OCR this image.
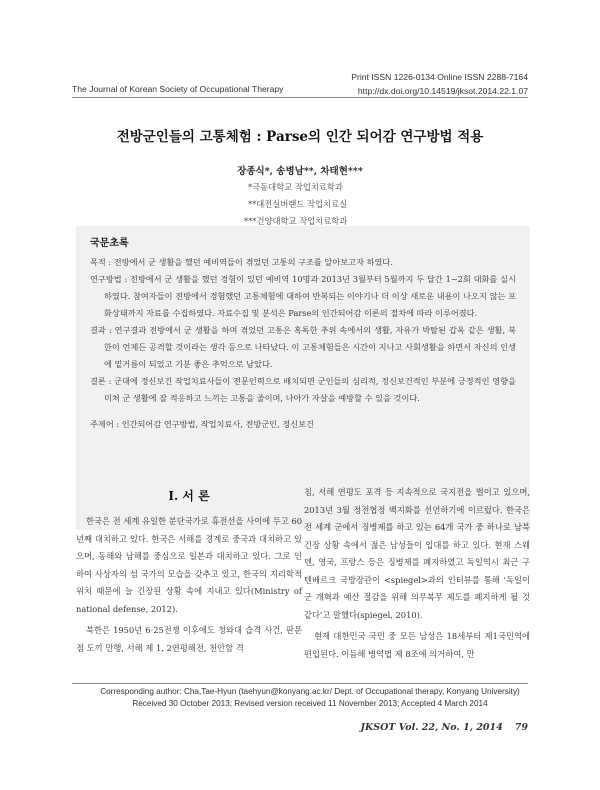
The Journal of Korean Society of Occupational Therapy
Print ISSN 1226-0134 Online ISSN 2288-7164
http://dx.doi.org/10.14519/jksot.2014.22.1.07
전방군인들의 고통체험 : Parse의 인간 되어감 연구방법 적용
장종식*, 송병남**, 차태현***
*극동대학교 작업치료학과
**대전실버랜드 작업치료실
***건양대학교 작업치료학과
국문초록
목적 : 전방에서 군 생활을 했던 예비역들이 겪었던 고통의 구조를 알아보고자 하였다.
연구방법 : 전방에서 군 생활을 했던 경험이 있던 예비역 10명과 2013년 3월부터 5월까지 두 달간 1~2회 대화를 실시하였다. 참여자들이 전방에서 경험했던 고통체험에 대하여 반복되는 이야기나 더 이상 새로운 내용이 나오지 않는 포화상태까지 자료를 수집하였다. 자료수집 및 분석은 Parse의 인간되어감 이론의 절차에 따라 이루어졌다.
결과 : 연구결과 전방에서 군 생활을 하며 겪었던 고통은 혹독한 추위 속에서의 생활, 자유가 박탈된 갑옥 같은 생활, 북한이 언제든 공격할 것이라는 생각 등으로 나타났다. 이 고통체험들은 시간이 지나고 사회생활을 하면서 자신의 인생에 밑거름이 되었고 기분 좋은 추억으로 남았다.
결론 : 군대에 정신보건 작업치료사들이 전문인력으로 배치되면 군인들의 심리적, 정신보건적인 부분에 긍정적인 영향을 미쳐 군 생활에 잘 적응하고 느끼는 고통을 줄이며, 나아가 자살을 예방할 수 있을 것이다.
주제어 : 인간되어감 연구방법, 작업치료사, 전방군인, 정신보건
I. 서 론

한국은 전 세계 유일한 분단국가로 휴전선을 사이에 두고 60년째 대치하고 있다. 한국은 서해를 경계로 중국과 대치하고 있으며, 동해와 남해를 중심으로 일본과 대치하고 있다. 그로 인하여 사상자의 섬 국가의 모습을 갖추고 있고, 한국의 지리학적 위치 때문에 늘 긴장된 상황 속에 지내고 있다(Ministry of national defense, 2012).

북한은 1950년 6·25전쟁 이후에도 청와대 습격 사건, 판문점 도끼 만행, 서해 제 1, 2연평해전, 천안함 격

침, 서해 연평도 포격 등 지속적으로 국지전을 벌이고 있으며, 2013년 3월 정전협정 백지화를 선언하기에 이르렀다. 한국은 전 세계 군에서 징병제를 하고 있는 64개 국가 중 하나로 남북 긴장 상황 속에서 젊은 남성들이 입대를 하고 있다. 현재 스웨덴, 영국, 프랑스 등은 징병제를 폐지하였고 독일역시 최근 구텐베르크 국방장관이 <spiegel>과의 인터뷰를 통해 '독일이 군 개혁과 예산 절감을 위해 의무복무 제도를 폐지하게 될 것 같다'고 말했다(spiegel, 2010).

현재 대한민국 국민 중 모든 남성은 18세부터 제1국민역에 편입된다. 이듬해 병역법 제 8조에 의거하여, 만

Corresponding author: Cha,Tae-Hyun (taehyun@konyang.ac.kr/ Dept. of Occupational therapy, Konyang University)
Received 30 October 2013; Revised version received 11 November 2013; Accepted 4 March 2014
JKSOT Vol. 22, No. 1, 2014 79
